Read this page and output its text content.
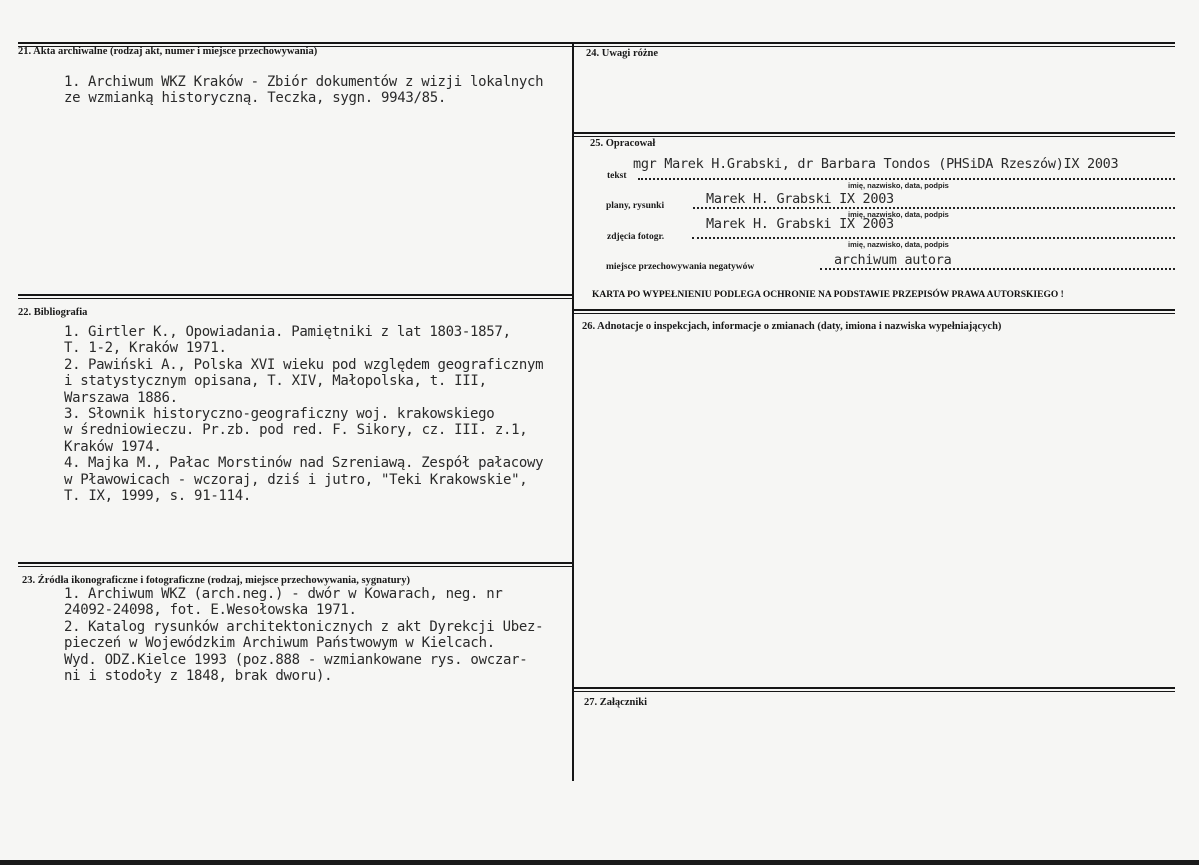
21. Akta archiwalne (rodzaj akt, numer i miejsce przechowywania)
1. Archiwum WKZ Kraków - Zbiór dokumentów z wizji lokalnych
ze wzmianką historyczną. Teczka, sygn. 9943/85.
22. Bibliografia
1. Girtler K., Opowiadania. Pamiętniki z lat 1803-1857,
T. 1-2, Kraków 1971.
2. Pawiński A., Polska XVI wieku pod względem geograficznym
i statystycznym opisana, T. XIV, Małopolska, t. III,
Warszawa 1886.
3. Słownik historyczno-geograficzny woj. krakowskiego
w średniowieczu. Pr.zb. pod red. F. Sikory, cz. III. z.1,
Kraków 1974.
4. Majka M., Pałac Morstinów nad Szreniawą. Zespół pałacowy
w Pławowicach - wczoraj, dziś i jutro, "Teki Krakowskie",
T. IX, 1999, s. 91-114.
23. Źródła ikonograficzne i fotograficzne (rodzaj, miejsce przechowywania, sygnatury)
1. Archiwum WKZ (arch.neg.) - dwór w Kowarach, neg. nr
24092-24098, fot. E.Wesołowska 1971.
2. Katalog rysunków architektonicznych z akt Dyrekcji Ubez-
pieczeń w Wojewódzkim Archiwum Państwowym w Kielcach.
Wyd. ODZ.Kielce 1993 (poz.888 - wzmiankowane rys. owczar-
ni i stodoły z 1848, brak dworu).
24. Uwagi różne
25. Opracował
tekst
mgr Marek H.Grabski, dr Barbara Tondos (PHSiDA Rzeszów)IX 2003
imię, nazwisko, data, podpis
plany, rysunki	Marek H. Grabski IX 2003
imię, nazwisko, data, podpis
zdjęcia fotogr.
Marek H. Grabski IX 2003
imię, nazwisko, data, podpis
miejsce przechowywania negatywów	archiwum autora
KARTA PO WYPEŁNIENIU PODLEGA OCHRONIE NA PODSTAWIE PRZEPISÓW PRAWA AUTORSKIEGO !
26. Adnotacje o inspekcjach, informacje o zmianach (daty, imiona i nazwiska wypełniających)
27. Załączniki
